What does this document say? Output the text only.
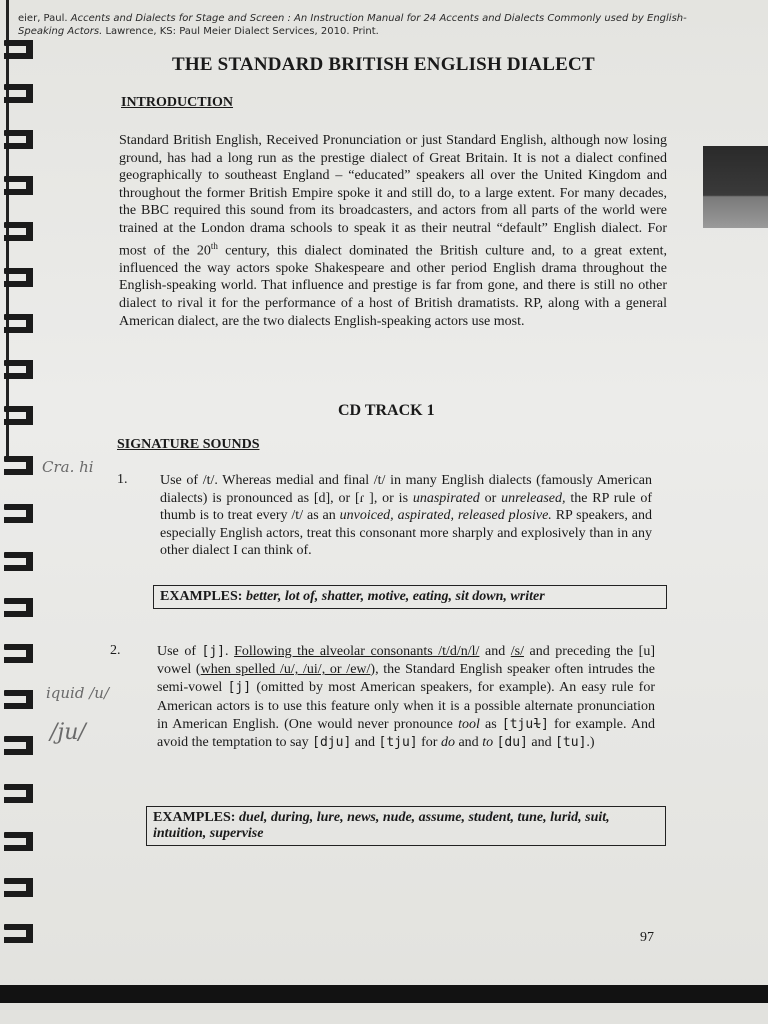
eier, Paul. Accents and Dialects for Stage and Screen : An Instruction Manual for 24 Accents and Dialects Commonly used by English-Speaking Actors. Lawrence, KS: Paul Meier Dialect Services, 2010. Print.
THE STANDARD BRITISH ENGLISH DIALECT
INTRODUCTION
Standard British English, Received Pronunciation or just Standard English, although now losing ground, has had a long run as the prestige dialect of Great Britain. It is not a dialect confined geographically to southeast England – “educated” speakers all over the United Kingdom and throughout the former British Empire spoke it and still do, to a large extent. For many decades, the BBC required this sound from its broadcasters, and actors from all parts of the world were trained at the London drama schools to speak it as their neutral “default” English dialect. For most of the 20th century, this dialect dominated the British culture and, to a great extent, influenced the way actors spoke Shakespeare and other period English drama throughout the English-speaking world. That influence and prestige is far from gone, and there is still no other dialect to rival it for the performance of a host of British dramatists. RP, along with a general American dialect, are the two dialects English-speaking actors use most.
CD TRACK 1
SIGNATURE SOUNDS
1. Use of /t/. Whereas medial and final /t/ in many English dialects (famously American dialects) is pronounced as [d], or [ɾ ], or is unaspirated or unreleased, the RP rule of thumb is to treat every /t/ as an unvoiced, aspirated, released plosive. RP speakers, and especially English actors, treat this consonant more sharply and explosively than in any other dialect I can think of.
EXAMPLES: better, lot of, shatter, motive, eating, sit down, writer
2.	Use of [j]. Following the alveolar consonants /t/d/n/l/ and /s/ and preceding the [u] vowel (when spelled /u/, /ui/, or /ew/), the Standard English speaker often intrudes the semi-vowel [j] (omitted by most American speakers, for example). An easy rule for American actors is to use this feature only when it is a possible alternate pronunciation in American English. (One would never pronounce tool as [tjuɫ] for example. And avoid the temptation to say [dju] and [tju] for do and to [du] and [tu].)
EXAMPLES: duel, during, lure, news, nude, assume, student, tune, lurid, suit, intuition, supervise
Cra. hi
iquid /u/
/ju/
97
